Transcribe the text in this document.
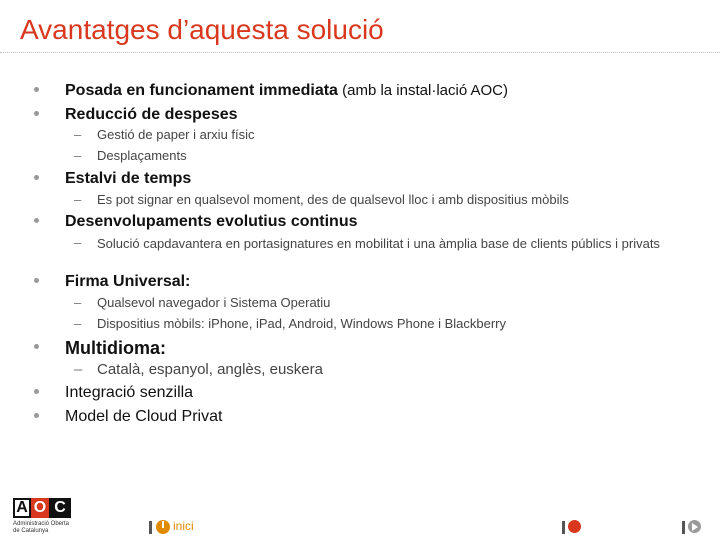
Avantatges d’aquesta solució
Posada en funcionament immediata (amb la instal·lació AOC)
Reducció de despeses
– Gestió de paper i arxiu físic
– Desplaçaments
Estalvi de temps
– Es pot signar en qualsevol moment, des de qualsevol lloc i amb dispositius mòbils
Desenvolupaments evolutius continus
– Solució capdavantera en portasignatures en mobilitat i una àmplia base de clients públics i privats
Firma Universal:
– Qualsevol navegador i Sistema Operatiu
– Dispositius mòbils: iPhone, iPad, Android, Windows Phone i Blackberry
Multidioma:
– Català, espanyol, anglès, euskera
Integració senzilla
Model de Cloud Privat
A O C
Administració Oberta
de Catalunya	inici
